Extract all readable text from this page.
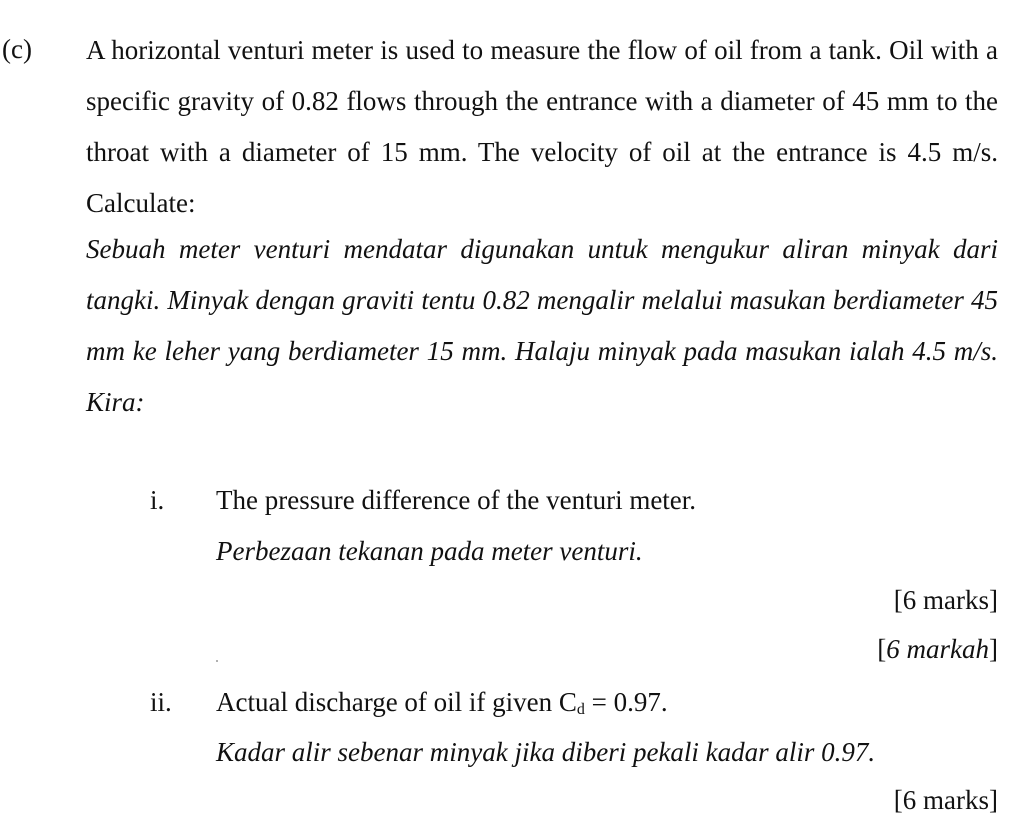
(c) A horizontal venturi meter is used to measure the flow of oil from a tank. Oil with a specific gravity of 0.82 flows through the entrance with a diameter of 45 mm to the throat with a diameter of 15 mm. The velocity of oil at the entrance is 4.5 m/s. Calculate:
Sebuah meter venturi mendatar digunakan untuk mengukur aliran minyak dari tangki. Minyak dengan graviti tentu 0.82 mengalir melalui masukan berdiameter 45 mm ke leher yang berdiameter 15 mm. Halaju minyak pada masukan ialah 4.5 m/s. Kira:
i. The pressure difference of the venturi meter.
Perbezaan tekanan pada meter venturi.
[6 marks]
[6 markah]
ii. Actual discharge of oil if given Cd = 0.97.
Kadar alir sebenar minyak jika diberi pekali kadar alir 0.97.
[6 marks]
